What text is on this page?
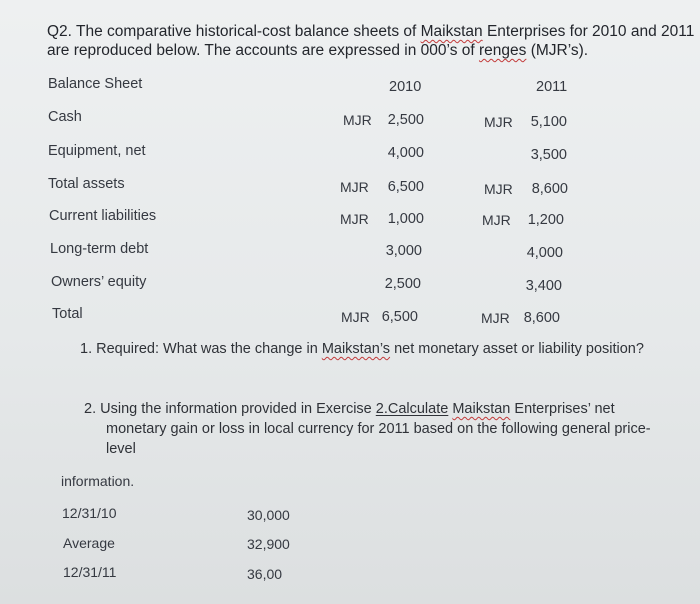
Q2. The comparative historical-cost balance sheets of Maikstan Enterprises for 2010 and 2011
are reproduced below. The accounts are expressed in 000’s of renges (MJR’s).
Balance Sheet	2010	2011
Cash	MJR	2,500	MJR	5,100
Equipment, net	4,000	3,500
Total assets	MJR	6,500	MJR	8,600
Current liabilities	MJR	1,000	MJR	1,200
Long-term debt	3,000	4,000
Owners’ equity	2,500	3,400
Total	MJR 6,500	MJR 8,600
1. Required: What was the change in Maikstan’s net monetary asset or liability position?
2. Using the information provided in Exercise 2.Calculate Maikstan Enterprises’ net
monetary gain or loss in local currency for 2011 based on the following general price-
level
information.
12/31/10	30,000
Average	32,900
12/31/11	36,00
